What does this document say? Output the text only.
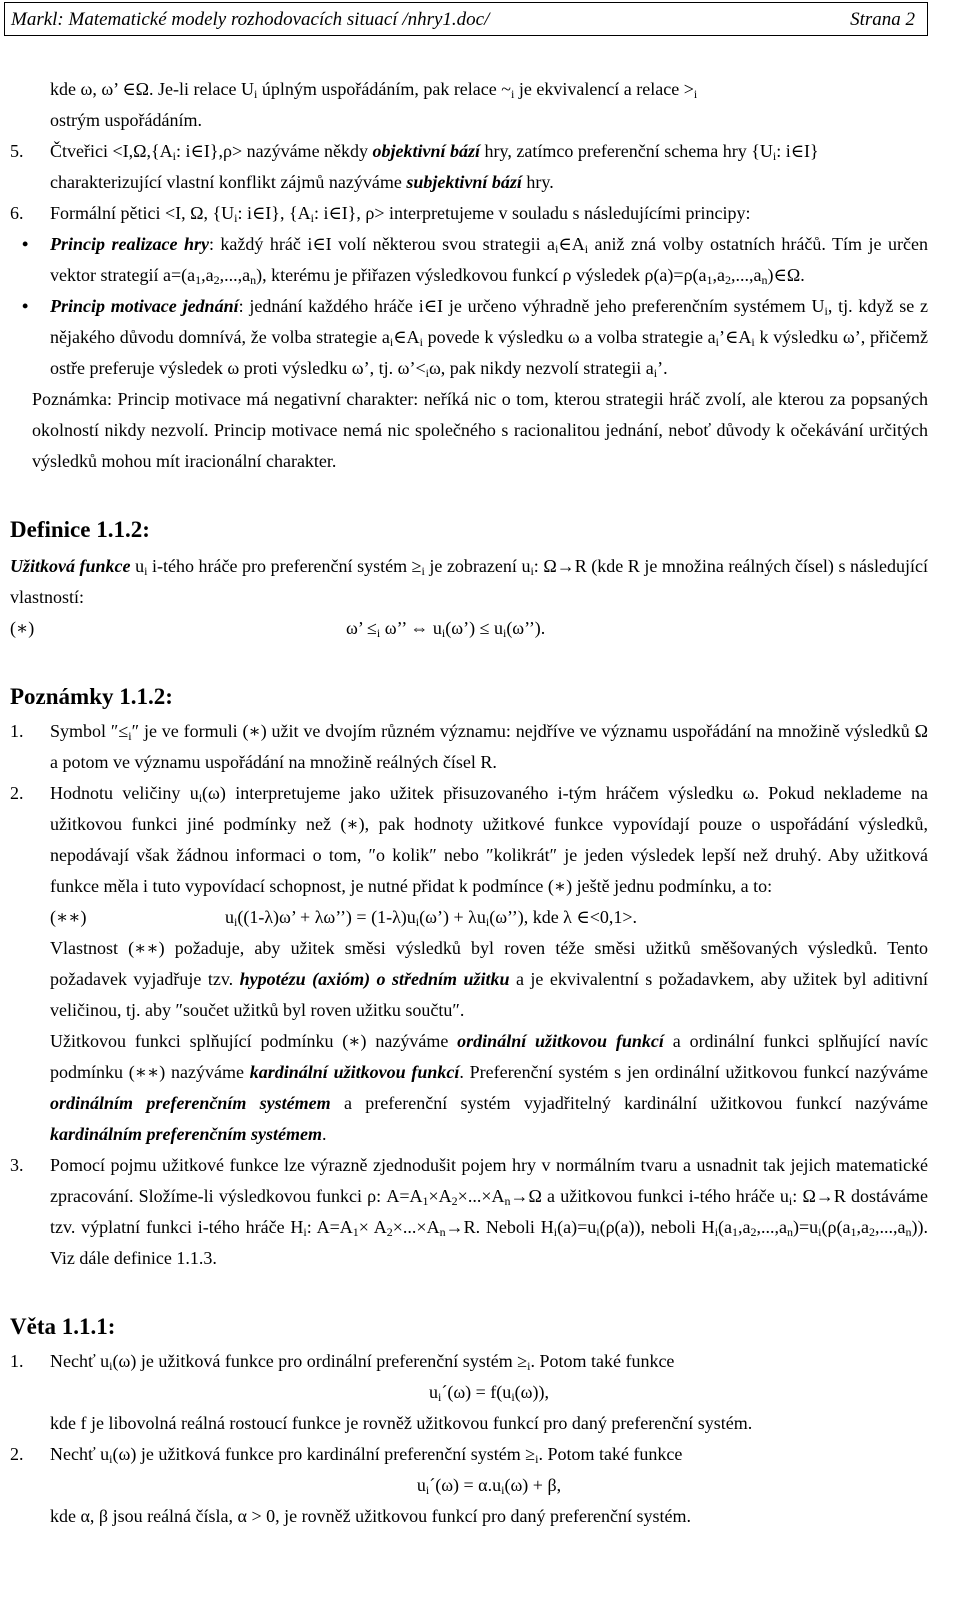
Markl: Matematické modely rozhodovacích situací /nhry1.doc/	Strana 2

kde ω, ω’ ∈Ω. Je-li relace $U_i$ úplným uspořádáním, pak relace $\sim_i$ je ekvivalencí a relace $>_i$
ostrým uspořádáním.

5. Čtveřici $<I,\Omega,\{A_i$: i∈I},ρ> nazýváme někdy objektivní bází hry, zatímco preferenční schema hry {$U_i$: i∈I} charakterizující vlastní konflikt zájmů nazýváme subjektivní bází hry.
6. Formální pětici <I, Ω, {$U_i$: i∈I}, {$A_i$: i∈I}, ρ> interpretujeme v souladu s následujícími principy:
• Princip realizace hry: každý hráč i∈I volí některou svou strategii $a_i\in A_i$ aniž zná volby ostatních hráčů. Tím je určen vektor strategií $a=(a_1,a_2,...,a_n)$, kterému je přiřazen výsledkovou funkcí ρ výsledek $\rho(a)=\rho(a_1,a_2,...,a_n)\in\Omega$.
• Princip motivace jednání: jednání každého hráče i∈I je určeno výhradně jeho preferenčním systémem $U_i$, tj. když se z nějakého důvodu domnívá, že volba strategie $a_i\in A_i$ povede k výsledku ω a volba strategie $a_i’\in A_i$ k výsledku ω’, přičemž ostře preferuje výsledek ω proti výsledku ω’, tj. $\omega’<_i\omega$, pak nikdy nezvolí strategii $a_i$’.

Poznámka: Princip motivace má negativní charakter: neříká nic o tom, kterou strategii hráč zvolí, ale kterou za popsaných okolností nikdy nezvolí. Princip motivace nemá nic společného s racionalitou jednání, neboť důvody k očekávání určitých výsledků mohou mít iracionální charakter.

Definice 1.1.2:

Užitková funkce $u_i$ i-tého hráče pro preferenční systém $\ge_i$ je zobrazení $u_i$: Ω→R (kde R je množina reálných čísel) s následující vlastností:

(∗)	ω’ $\le_i$ ω’’ ⇔ $u_i(\omega’)$ ≤ $u_i(\omega’’)$.
Poznámky 1.1.2:
1. Symbol $''\le_i''$ je ve formuli (∗) užit ve dvojím různém významu: nejdříve ve významu uspořádání na množině výsledků Ω a potom ve významu uspořádání na množině reálných čísel R.
2. Hodnotu veličiny $u_i(\omega)$ interpretujeme jako užitek přisuzovaného i-tým hráčem výsledku ω. Pokud neklademe na užitkovou funkci jiné podmínky než (∗), pak hodnoty užitkové funkce vypovídají pouze o uspořádání výsledků, nepodávají však žádnou informaci o tom, ″o kolik″ nebo ″kolikrát″ je jeden výsledek lepší než druhý. Aby užitková funkce měla i tuto vypovídací schopnost, je nutné přidat k podmínce (∗) ještě jednu podmínku, a to:
(∗∗)	$u_i((1-\lambda)\omega$’ + λω’’) = $(1-\lambda)u_i(\omega’)$ + $\lambda u_i(\omega’’)$, kde λ ∈<0,1>.

Vlastnost (∗∗) požaduje, aby užitek směsi výsledků byl roven téže směsi užitků směšovaných výsledků. Tento požadavek vyjadřuje tzv. hypotézu (axióm) o středním užitku a je ekvivalentní s požadavkem, aby užitek byl aditivní veličinou, tj. aby ″součet užitků byl roven užitku součtu″.

Užitkovou funkci splňující podmínku (∗) nazýváme ordinální užitkovou funkcí a ordinální funkci splňující navíc podmínku (∗∗) nazýváme kardinální užitkovou funkcí. Preferenční systém s jen ordinální užitkovou funkcí nazýváme ordinálním preferenčním systémem a preferenční systém vyjadřitelný kardinální užitkovou funkcí nazýváme kardinálním preferenčním systémem.

3. Pomocí pojmu užitkové funkce lze výrazně zjednodušit pojem hry v normálním tvaru a usnadnit tak jejich matematické zpracování. Složíme-li výsledkovou funkci ρ: $A=A_1\times A_2\times...\times A_n\to\Omega$ a užitkovou funkci i-tého hráče $u_i$: Ω→R dostáváme tzv. výplatní funkci i-tého hráče $H_i$: $A=A_1\times A_2\times...\times A_n\to R$. Neboli $H_i(a)=u_i(\rho(a))$, neboli $H_i(a_1,a_2,...,a_n)=u_i(\rho(a_1,a_2,...,a_n))$. Viz dále definice 1.1.3.
Věta 1.1.1:
1. Nechť $u_i(\omega)$ je užitková funkce pro ordinální preferenční systém $\ge_i$. Potom také funkce
$u_i´(\omega) = f(u_i(\omega))$,

kde f je libovolná reálná rostoucí funkce je rovněž užitkovou funkcí pro daný preferenční systém.

2. Nechť $u_i(\omega)$ je užitková funkce pro kardinální preferenční systém $\ge_i$. Potom také funkce
$u_i´(\omega) = \alpha.u_i(\omega) + \beta$,

kde α, β jsou reálná čísla, α > 0, je rovněž užitkovou funkcí pro daný preferenční systém.
